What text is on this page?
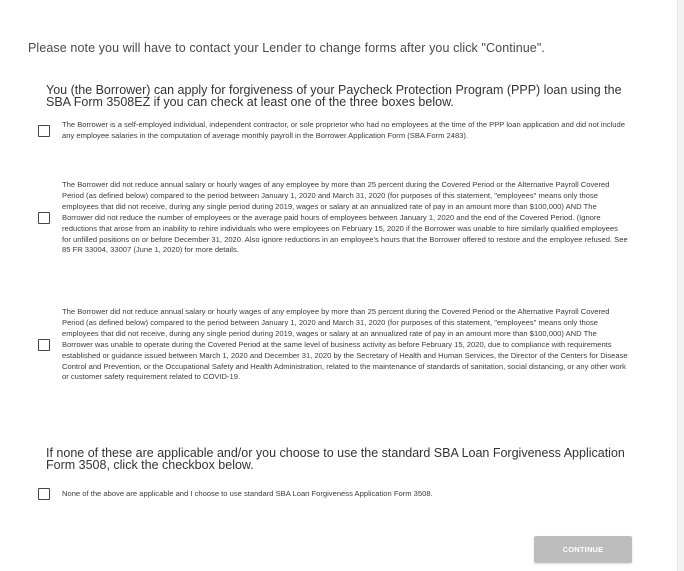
Please note you will have to contact your Lender to change forms after you click "Continue".
You (the Borrower) can apply for forgiveness of your Paycheck Protection Program (PPP) loan using the SBA Form 3508EZ if you can check at least one of the three boxes below.
The Borrower is a self-employed individual, independent contractor, or sole proprietor who had no employees at the time of the PPP loan application and did not include any employee salaries in the computation of average monthly payroll in the Borrower Application Form (SBA Form 2483).
The Borrower did not reduce annual salary or hourly wages of any employee by more than 25 percent during the Covered Period or the Alternative Payroll Covered Period (as defined below) compared to the period between January 1, 2020 and March 31, 2020 (for purposes of this statement, "employees" means only those employees that did not receive, during any single period during 2019, wages or salary at an annualized rate of pay in an amount more than $100,000) AND The Borrower did not reduce the number of employees or the average paid hours of employees between January 1, 2020 and the end of the Covered Period. (Ignore reductions that arose from an inability to rehire individuals who were employees on February 15, 2020 if the Borrower was unable to hire similarly qualified employees for unfilled positions on or before December 31, 2020. Also ignore reductions in an employee's hours that the Borrower offered to restore and the employee refused. See 85 FR 33004, 33007 (June 1, 2020) for more details.
The Borrower did not reduce annual salary or hourly wages of any employee by more than 25 percent during the Covered Period or the Alternative Payroll Covered Period (as defined below) compared to the period between January 1, 2020 and March 31, 2020 (for purposes of this statement, "employees" means only those employees that did not receive, during any single period during 2019, wages or salary at an annualized rate of pay in an amount more than $100,000) AND The Borrower was unable to operate during the Covered Period at the same level of business activity as before February 15, 2020, due to compliance with requirements established or guidance issued between March 1, 2020 and December 31, 2020 by the Secretary of Health and Human Services, the Director of the Centers for Disease Control and Prevention, or the Occupational Safety and Health Administration, related to the maintenance of standards of sanitation, social distancing, or any other work or customer safety requirement related to COVID-19.
If none of these are applicable and/or you choose to use the standard SBA Loan Forgiveness Application Form 3508, click the checkbox below.
None of the above are applicable and I choose to use standard SBA Loan Forgiveness Application Form 3508.
CONTINUE
